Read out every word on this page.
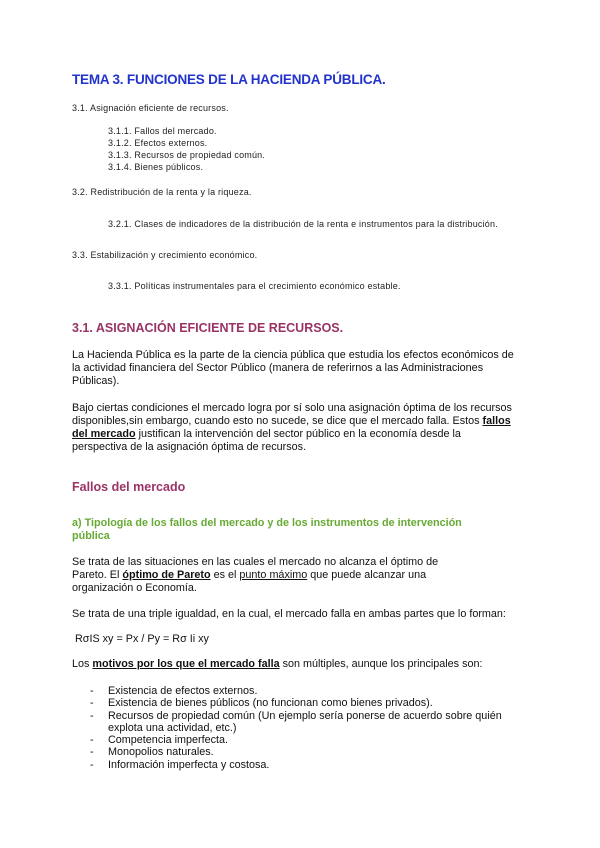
TEMA 3. FUNCIONES DE LA HACIENDA PÚBLICA.
3.1. Asignación eficiente de recursos.
3.1.1. Fallos del mercado.
3.1.2. Efectos externos.
3.1.3. Recursos de propiedad común.
3.1.4. Bienes públicos.
3.2. Redistribución de la renta y la riqueza.
3.2.1. Clases de indicadores de la distribución de la renta e instrumentos para la distribución.
3.3. Estabilización y crecimiento económico.
3.3.1. Políticas instrumentales para el crecimiento económico estable.
3.1. ASIGNACIÓN EFICIENTE DE RECURSOS.
La Hacienda Pública es la parte de la ciencia pública que estudia los efectos económicos de
la actividad financiera del Sector Público (manera de referirnos a las Administraciones
Públicas).
Bajo ciertas condiciones el mercado logra por sí solo una asignación óptima de los recursos
disponibles,sin embargo, cuando esto no sucede, se dice que el mercado falla. Estos fallos
del mercado justifican la intervención del sector público en la economía desde la
perspectiva de la asignación óptima de recursos.
Fallos del mercado
a) Tipología de los fallos del mercado y de los instrumentos de intervención
pública
Se trata de las situaciones en las cuales el mercado no alcanza el óptimo de
Pareto. El óptimo de Pareto es el punto máximo que puede alcanzar una
organización o Economía.
Se trata de una triple igualdad, en la cual, el mercado falla en ambas partes que lo forman:
RσIS xy = Px / Py = Rσ Ii xy
Los motivos por los que el mercado falla son múltiples, aunque los principales son:
- Existencia de efectos externos.
- Existencia de bienes públicos (no funcionan como bienes privados).
- Recursos de propiedad común (Un ejemplo sería ponerse de acuerdo sobre quién
explota una actividad, etc.)
- Competencia imperfecta.
- Monopolios naturales.
- Información imperfecta y costosa.
